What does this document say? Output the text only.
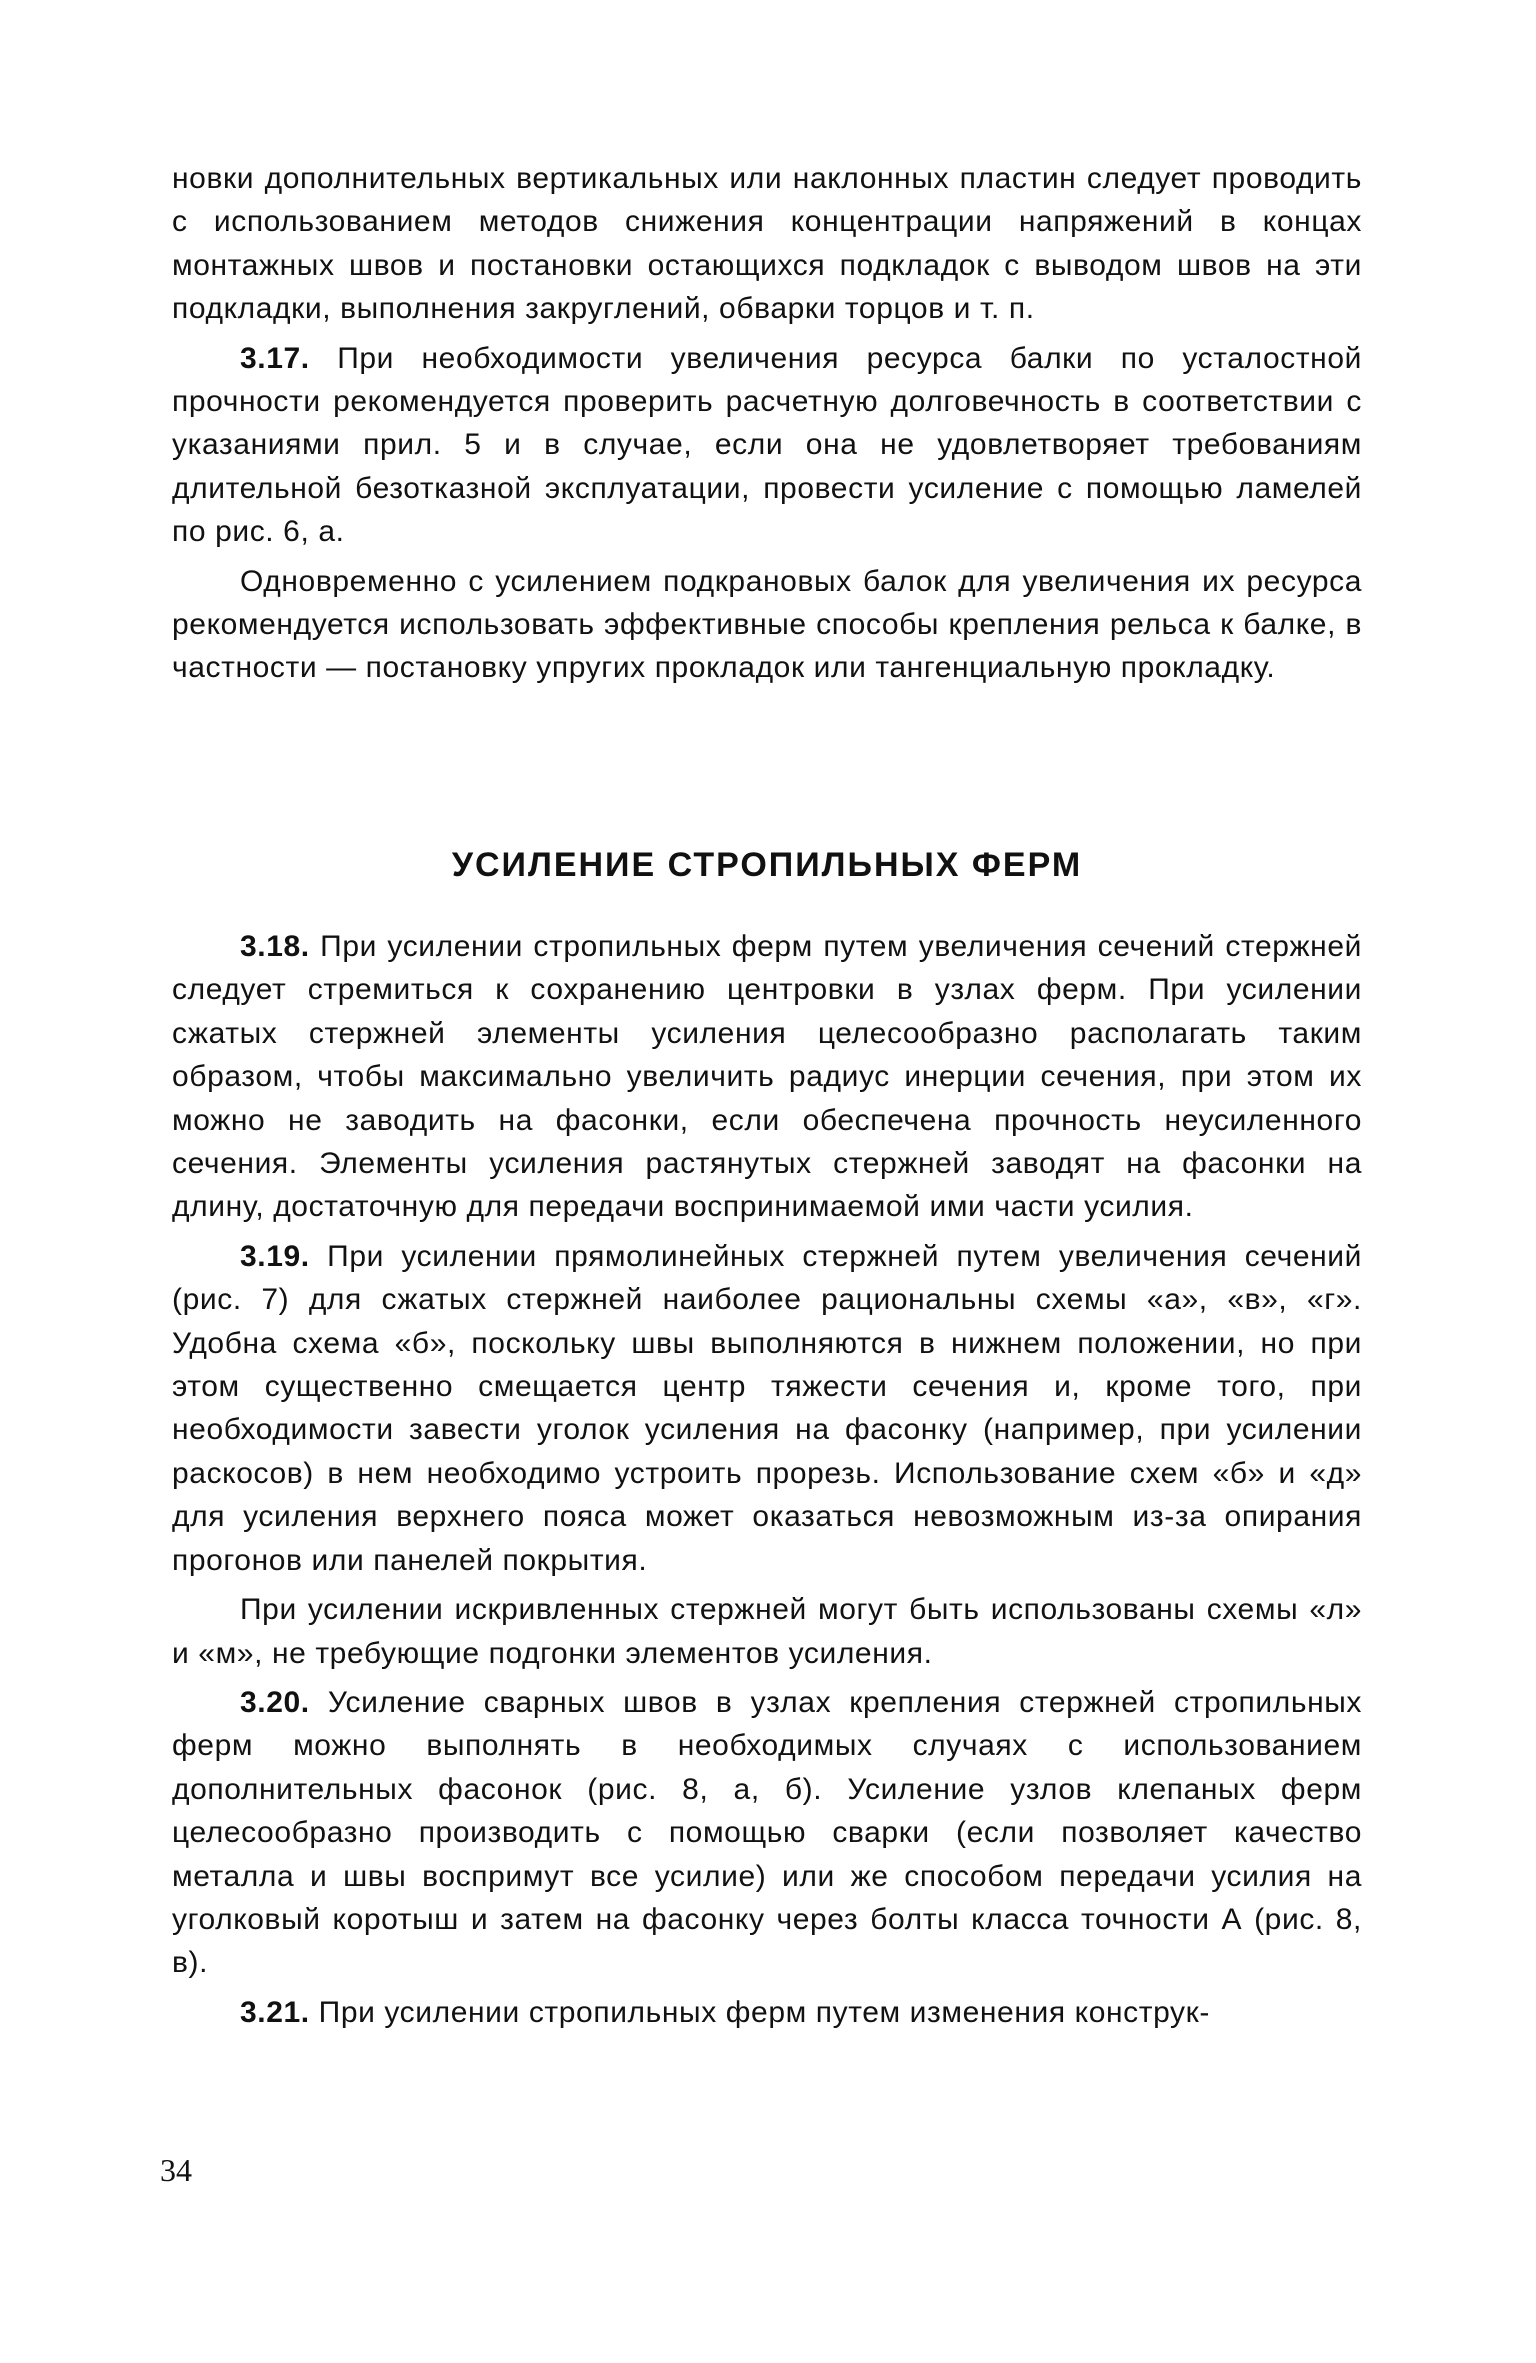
новки дополнительных вертикальных или наклонных пластин следует проводить с использованием методов снижения концентрации напряжений в концах монтажных швов и постановки остающихся подкладок с выводом швов на эти подкладки, выполнения закруглений, обварки торцов и т. п.

3.17. При необходимости увеличения ресурса балки по усталостной прочности рекомендуется проверить расчетную долговечность в соответствии с указаниями прил. 5 и в случае, если она не удовлетворяет требованиям длительной безотказной эксплуатации, провести усиление с помощью ламелей по рис. 6, а.

Одновременно с усилением подкрановых балок для увеличения их ресурса рекомендуется использовать эффективные способы крепления рельса к балке, в частности — постановку упругих прокладок или тангенциальную прокладку.

УСИЛЕНИЕ СТРОПИЛЬНЫХ ФЕРМ

3.18. При усилении стропильных ферм путем увеличения сечений стержней следует стремиться к сохранению центровки в узлах ферм. При усилении сжатых стержней элементы усиления целесообразно располагать таким образом, чтобы максимально увеличить радиус инерции сечения, при этом их можно не заводить на фасонки, если обеспечена прочность неусиленного сечения. Элементы усиления растянутых стержней заводят на фасонки на длину, достаточную для передачи воспринимаемой ими части усилия.

3.19. При усилении прямолинейных стержней путем увеличения сечений (рис. 7) для сжатых стержней наиболее рациональны схемы «а», «в», «г». Удобна схема «б», поскольку швы выполняются в нижнем положении, но при этом существенно смещается центр тяжести сечения и, кроме того, при необходимости завести уголок усиления на фасонку (например, при усилении раскосов) в нем необходимо устроить прорезь. Использование схем «б» и «д» для усиления верхнего пояса может оказаться невозможным из-за опирания прогонов или панелей покрытия.

При усилении искривленных стержней могут быть использованы схемы «л» и «м», не требующие подгонки элементов усиления.

3.20. Усиление сварных швов в узлах крепления стержней стропильных ферм можно выполнять в необходимых случаях с использованием дополнительных фасонок (рис. 8, а, б). Усиление узлов клепаных ферм целесообразно производить с помощью сварки (если позволяет качество металла и швы воспримут все усилие) или же способом передачи усилия на уголковый коротыш и затем на фасонку через болты класса точности А (рис. 8, в).

3.21. При усилении стропильных ферм путем изменения конструк-

34
